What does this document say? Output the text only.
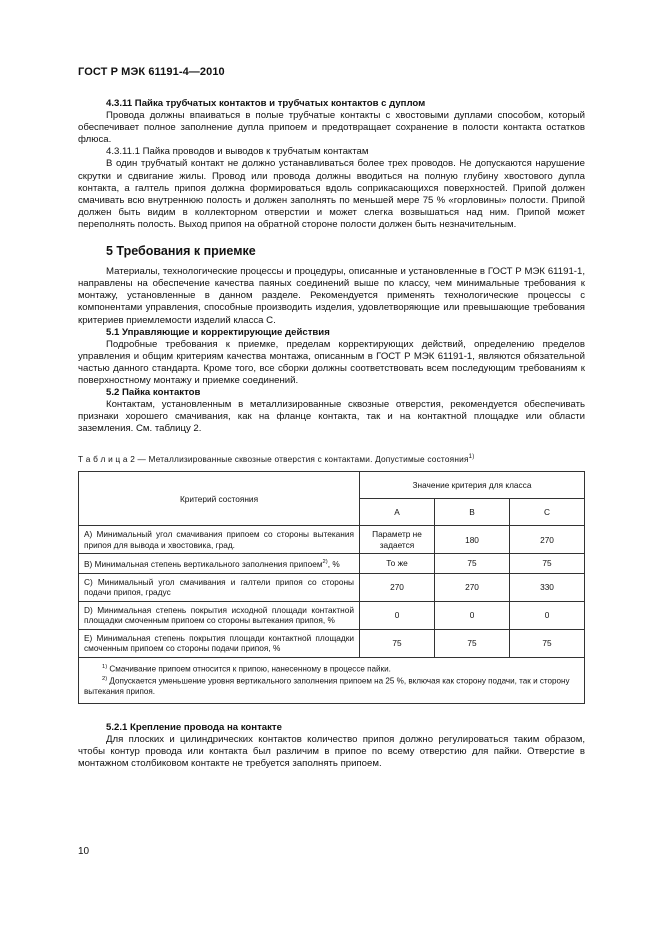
ГОСТ Р МЭК 61191-4—2010
4.3.11 Пайка трубчатых контактов и трубчатых контактов с дуплом

Провода должны впаиваться в полые трубчатые контакты с хвостовыми дуплами способом, который обеспечивает полное заполнение дупла припоем и предотвращает сохранение в полости контакта остатков флюса.

4.3.11.1 Пайка проводов и выводов к трубчатым контактам

В один трубчатый контакт не должно устанавливаться более трех проводов. Не допускаются нарушение скрутки и сдвигание жилы. Провод или провода должны вводиться на полную глубину хвостового дупла контакта, а галтель припоя должна формироваться вдоль соприкасающихся поверхностей. Припой должен смачивать всю внутреннюю полость и должен заполнять по меньшей мере 75 % «горловины» полости. Припой должен быть видим в коллекторном отверстии и может слегка возвышаться над ним. Припой может переполнять полость. Выход припоя на обратной стороне полости должен быть незначительным.

5 Требования к приемке

Материалы, технологические процессы и процедуры, описанные и установленные в ГОСТ Р МЭК 61191-1, направлены на обеспечение качества паяных соединений выше по классу, чем минимальные требования к монтажу, установленные в данном разделе. Рекомендуется применять технологические процессы с компонентами управления, способные производить изделия, удовлетворяющие или превышающие требования критериев приемлемости изделий класса С.

5.1 Управляющие и корректирующие действия

Подробные требования к приемке, пределам корректирующих действий, определению пределов управления и общим критериям качества монтажа, описанным в ГОСТ Р МЭК 61191-1, являются обязательной частью данного стандарта. Кроме того, все сборки должны соответствовать всем последующим требованиям к поверхностному монтажу и приемке соединений.

5.2 Пайка контактов

Контактам, установленным в металлизированные сквозные отверстия, рекомендуется обеспечивать признаки хорошего смачивания, как на фланце контакта, так и на контактной площадке или области заземления. См. таблицу 2.

Т а б л и ц а 2 — Металлизированные сквозные отверстия с контактами. Допустимые состояния$^{1)}$
Критерий состояния	Значение критерия для класса		
	A	B	C
А) Минимальный угол смачивания припоем со стороны вытекания припоя для вывода и хвостовика, град.	Параметр не задается	180	270
В) Минимальная степень вертикального заполнения припоем$^{2)}$, %	То же	75	75
С) Минимальный угол смачивания и галтели припоя со стороны подачи припоя, градус	270	270	330
D) Минимальная степень покрытия исходной площади контактной площадки смоченным припоем со стороны вытекания припоя, %	0	0	0
Е) Минимальная степень покрытия площади контактной площадки смоченным припоем со стороны подачи припоя, %	75	75	75

$^{1)}$ Смачивание припоем относится к припою, нанесенному в процессе пайки.
$^{2)}$ Допускается уменьшение уровня вертикального заполнения припоем на 25 %, включая как сторону подачи, так и сторону вытекания припоя.			
5.2.1 Крепление провода на контакте

Для плоских и цилиндрических контактов количество припоя должно регулироваться таким образом, чтобы контур провода или контакта был различим в припое по всему отверстию для пайки. Отверстие в монтажном столбиковом контакте не требуется заполнять припоем.

10
